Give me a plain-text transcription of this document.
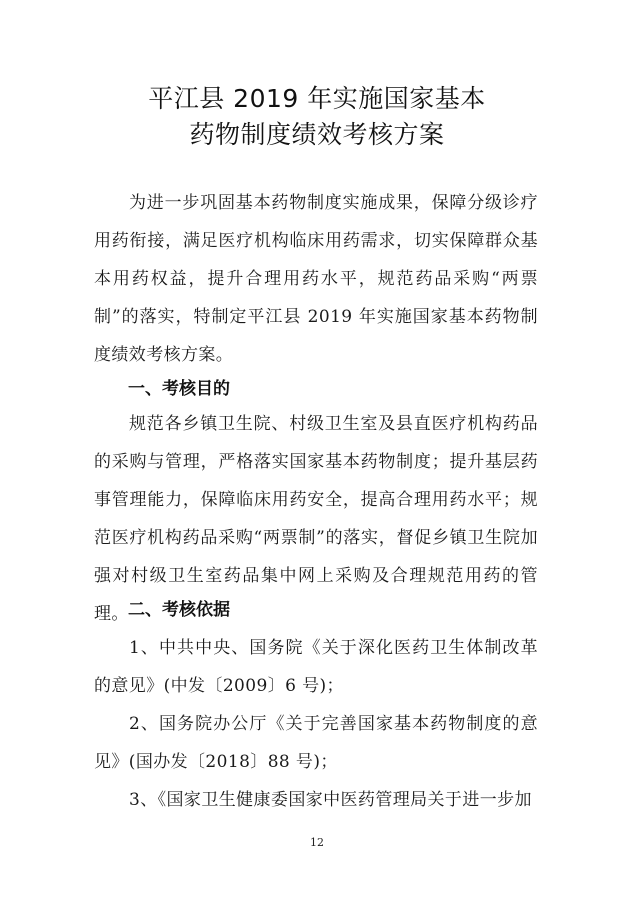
平江县 2019 年实施国家基本
药物制度绩效考核方案
为进一步巩固基本药物制度实施成果，保障分级诊疗用药衔接，满足医疗机构临床用药需求，切实保障群众基本用药权益，提升合理用药水平，规范药品采购“两票制”的落实，特制定平江县 2019 年实施国家基本药物制度绩效考核方案。
一、考核目的
规范各乡镇卫生院、村级卫生室及县直医疗机构药品的采购与管理，严格落实国家基本药物制度；提升基层药事管理能力，保障临床用药安全，提高合理用药水平；规范医疗机构药品采购“两票制”的落实，督促乡镇卫生院加强对村级卫生室药品集中网上采购及合理规范用药的管理。 二、考核依据
1、中共中央、国务院《关于深化医药卫生体制改革的意见》(中发〔2009〕6 号)；
2、国务院办公厅《关于完善国家基本药物制度的意见》(国办发〔2018〕88 号)；
3、《国家卫生健康委国家中医药管理局关于进一步加
12
